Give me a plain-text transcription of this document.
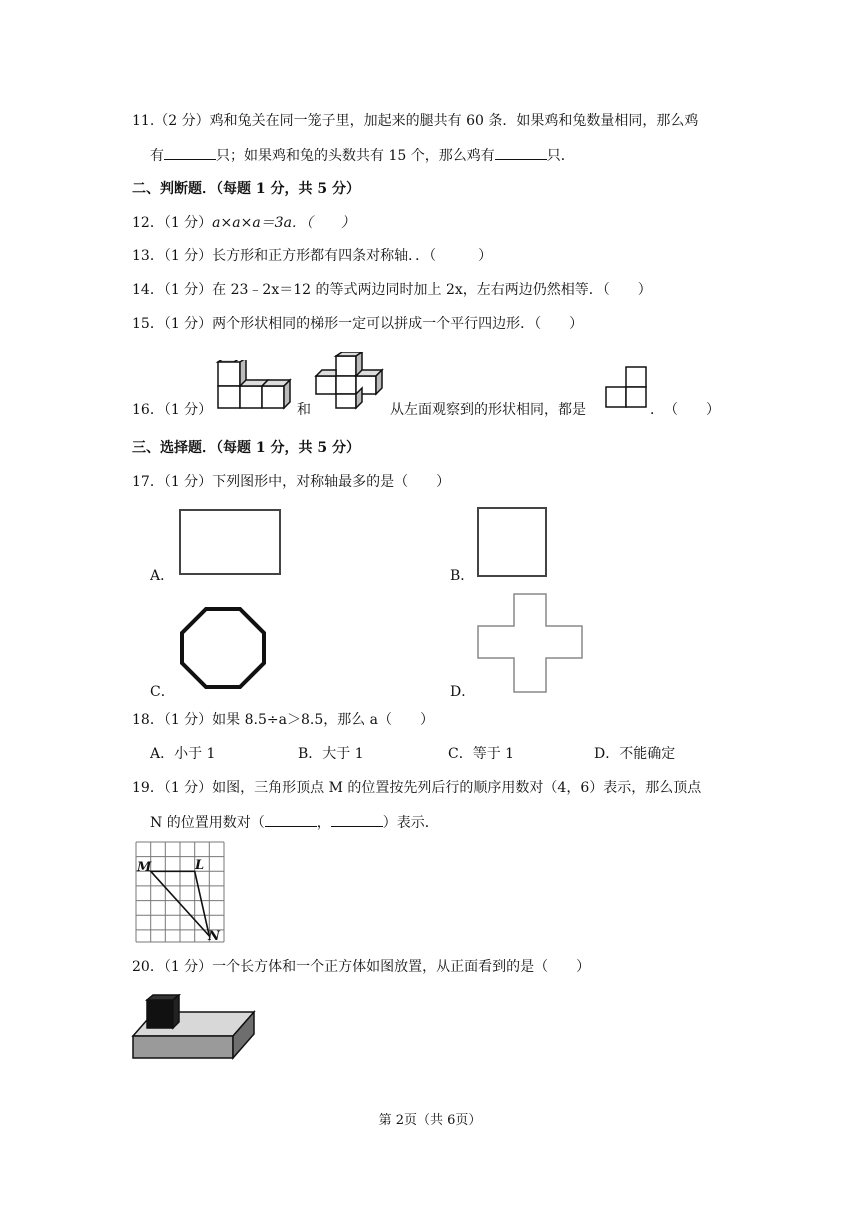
11.（2 分）鸡和兔关在同一笼子里，加起来的腿共有 60 条．如果鸡和兔数量相同，那么鸡
有	只；如果鸡和兔的头数共有 15 个，那么鸡有	只．
二、判断题．（每题 1 分，共 5 分）
12．（1 分）a×a×a＝3a．（　　）
13．（1 分）长方形和正方形都有四条对称轴．．（　　　）
14．（1 分）在 23﹣2x＝12 的等式两边同时加上 2x，左右两边仍然相等．（　　）
15．（1 分）两个形状相同的梯形一定可以拼成一个平行四边形．（　　）
16．（1 分）	和	从左面观察到的形状相同，都是	．　（　　）
三、选择题．（每题 1 分，共 5 分）
17．（1 分）下列图形中，对称轴最多的是（　　）
A．	B．
C．	D．
18．（1 分）如果 8.5÷a＞8.5，那么 a（　　）
A．小于 1	B．大于 1	C．等于 1	D．不能确定
19．（1 分）如图，三角形顶点 M 的位置按先列后行的顺序用数对（4，6）表示，那么顶点
N 的位置用数对（	，	）表示．
M	L
N
20．（1 分）一个长方体和一个正方体如图放置，从正面看到的是（　　）
第 2页（共 6页）
